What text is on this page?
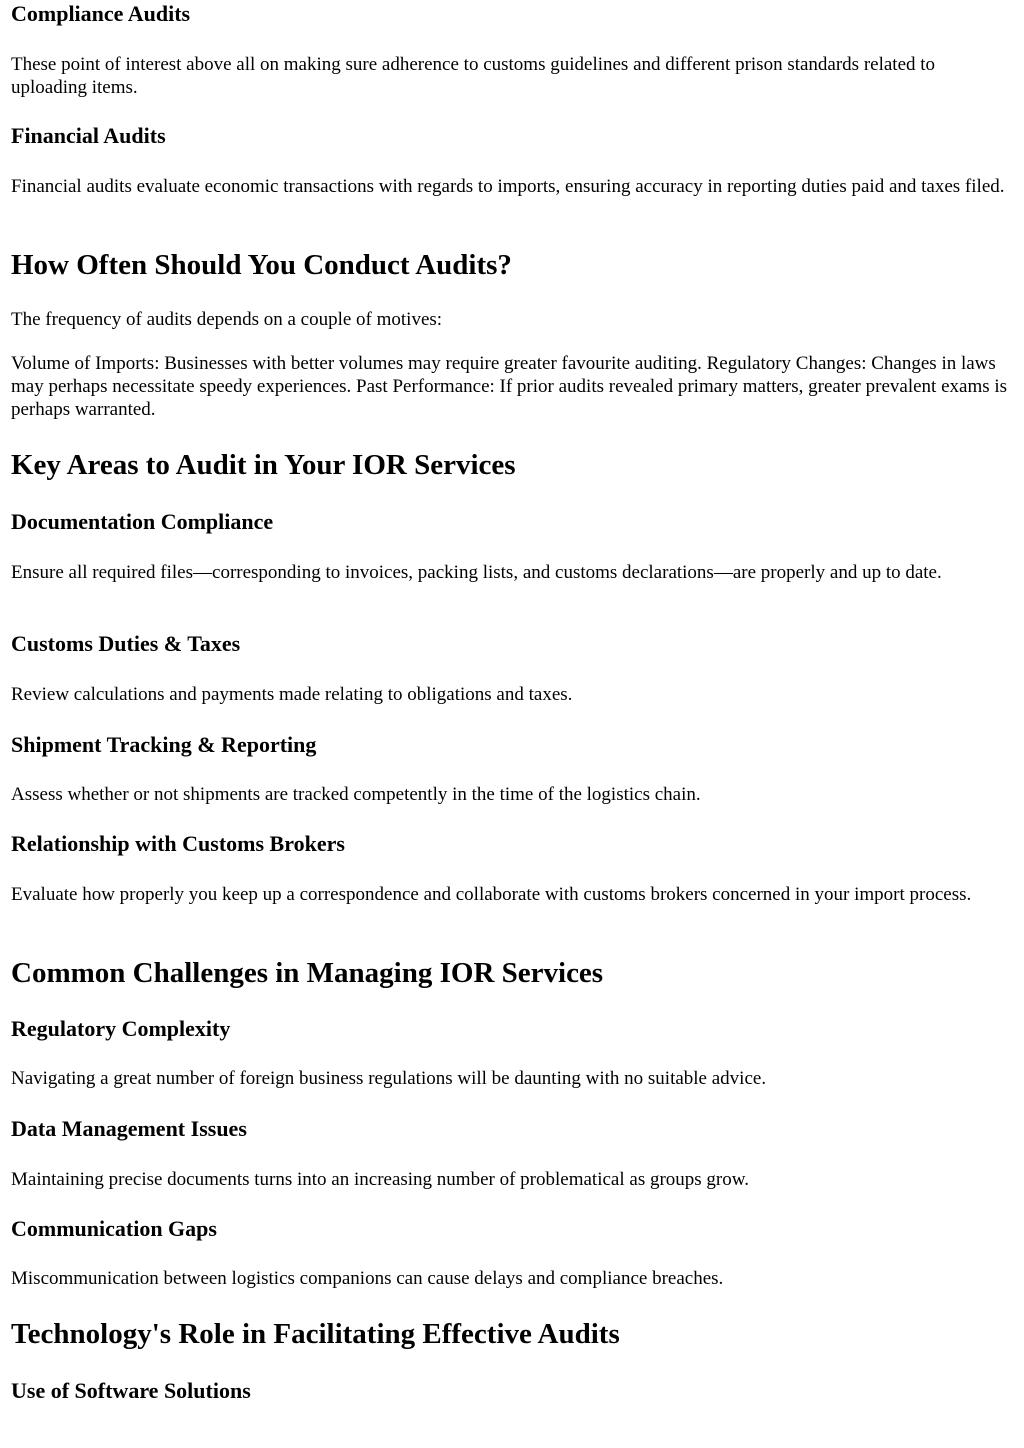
Compliance Audits

These point of interest above all on making sure adherence to customs guidelines and different prison standards related to uploading items.

Financial Audits

Financial audits evaluate economic transactions with regards to imports, ensuring accuracy in reporting duties paid and taxes filed.

How Often Should You Conduct Audits?

The frequency of audits depends on a couple of motives:

Volume of Imports: Businesses with better volumes may require greater favourite auditing. Regulatory Changes: Changes in laws may perhaps necessitate speedy experiences. Past Performance: If prior audits revealed primary matters, greater prevalent exams is perhaps warranted.

Key Areas to Audit in Your IOR Services
Documentation Compliance

Ensure all required files—corresponding to invoices, packing lists, and customs declarations—are properly and up to date.

Customs Duties & Taxes

Review calculations and payments made relating to obligations and taxes.

Shipment Tracking & Reporting

Assess whether or not shipments are tracked competently in the time of the logistics chain.

Relationship with Customs Brokers

Evaluate how properly you keep up a correspondence and collaborate with customs brokers concerned in your import process.

Common Challenges in Managing IOR Services
Regulatory Complexity

Navigating a great number of foreign business regulations will be daunting with no suitable advice.

Data Management Issues

Maintaining precise documents turns into an increasing number of problematical as groups grow.

Communication Gaps

Miscommunication between logistics companions can cause delays and compliance breaches.

Technology's Role in Facilitating Effective Audits
Use of Software Solutions
